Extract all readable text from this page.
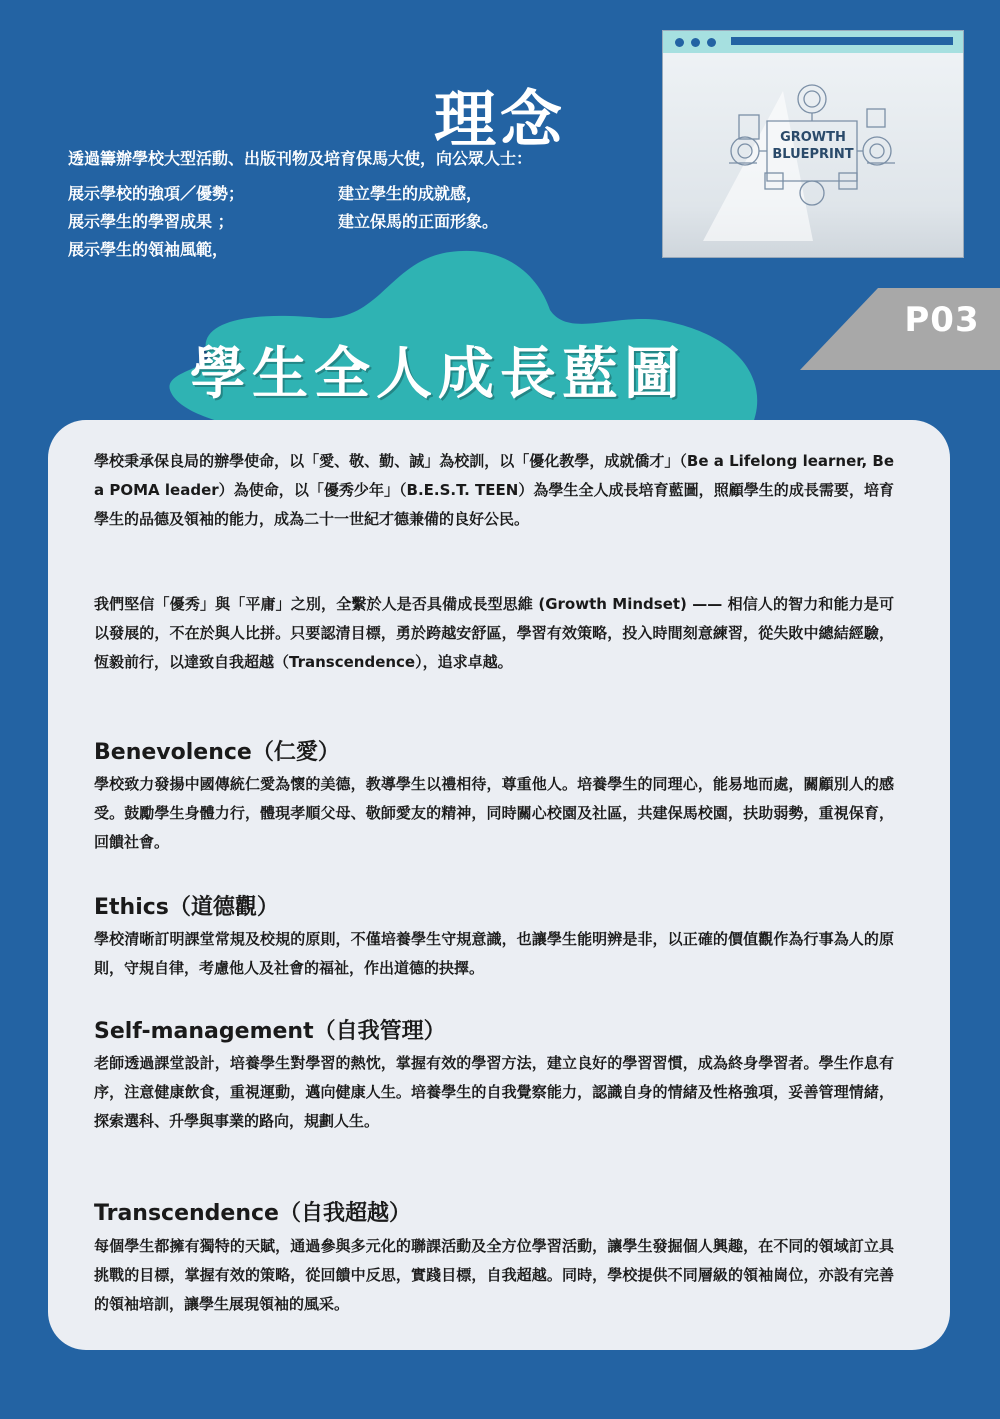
理念
透過籌辦學校大型活動、出版刊物及培育保馬大使，向公眾人士：
展示學校的強項／優勢；
展示學生的學習成果 ；
展示學生的領袖風範，
建立學生的成就感，
建立保馬的正面形象。
GROWTH
BLUEPRINT
P03
學生全人成長藍圖
學校秉承保良局的辦學使命，以「愛、敬、勤、誠」為校訓，以「優化教學，成就僑才」（Be a Lifelong learner, Be a POMA leader）為使命，以「優秀少年」（B.E.S.T. TEEN）為學生全人成長培育藍圖，照顧學生的成長需要，培育學生的品德及領袖的能力，成為二十一世紀才德兼備的良好公民。
我們堅信「優秀」與「平庸」之別，全繫於人是否具備成長型思維 (Growth Mindset) —— 相信人的智力和能力是可以發展的，不在於與人比拼。只要認清目標，勇於跨越安舒區，學習有效策略，投入時間刻意練習，從失敗中總結經驗，恆毅前行，以達致自我超越（Transcendence），追求卓越。
Benevolence（仁愛）
學校致力發揚中國傳統仁愛為懷的美德，教導學生以禮相待，尊重他人。培養學生的同理心，能易地而處，關顧別人的感受。鼓勵學生身體力行，體現孝順父母、敬師愛友的精神，同時關心校園及社區，共建保馬校園，扶助弱勢，重視保育，回饋社會。
Ethics（道德觀）
學校清晰訂明課堂常規及校規的原則，不僅培養學生守規意識，也讓學生能明辨是非，以正確的價值觀作為行事為人的原則，守規自律，考慮他人及社會的福祉，作出道德的抉擇。
Self-management（自我管理）
老師透過課堂設計，培養學生對學習的熱忱，掌握有效的學習方法，建立良好的學習習慣，成為終身學習者。學生作息有序，注意健康飲食，重視運動，邁向健康人生。培養學生的自我覺察能力，認識自身的情緒及性格強項，妥善管理情緒，探索選科、升學與事業的路向，規劃人生。
Transcendence（自我超越）
每個學生都擁有獨特的天賦，通過參與多元化的聯課活動及全方位學習活動，讓學生發掘個人興趣，在不同的領域訂立具挑戰的目標，掌握有效的策略，從回饋中反思，實踐目標，自我超越。同時，學校提供不同層級的領袖崗位，亦設有完善的領袖培訓，讓學生展現領袖的風采。
